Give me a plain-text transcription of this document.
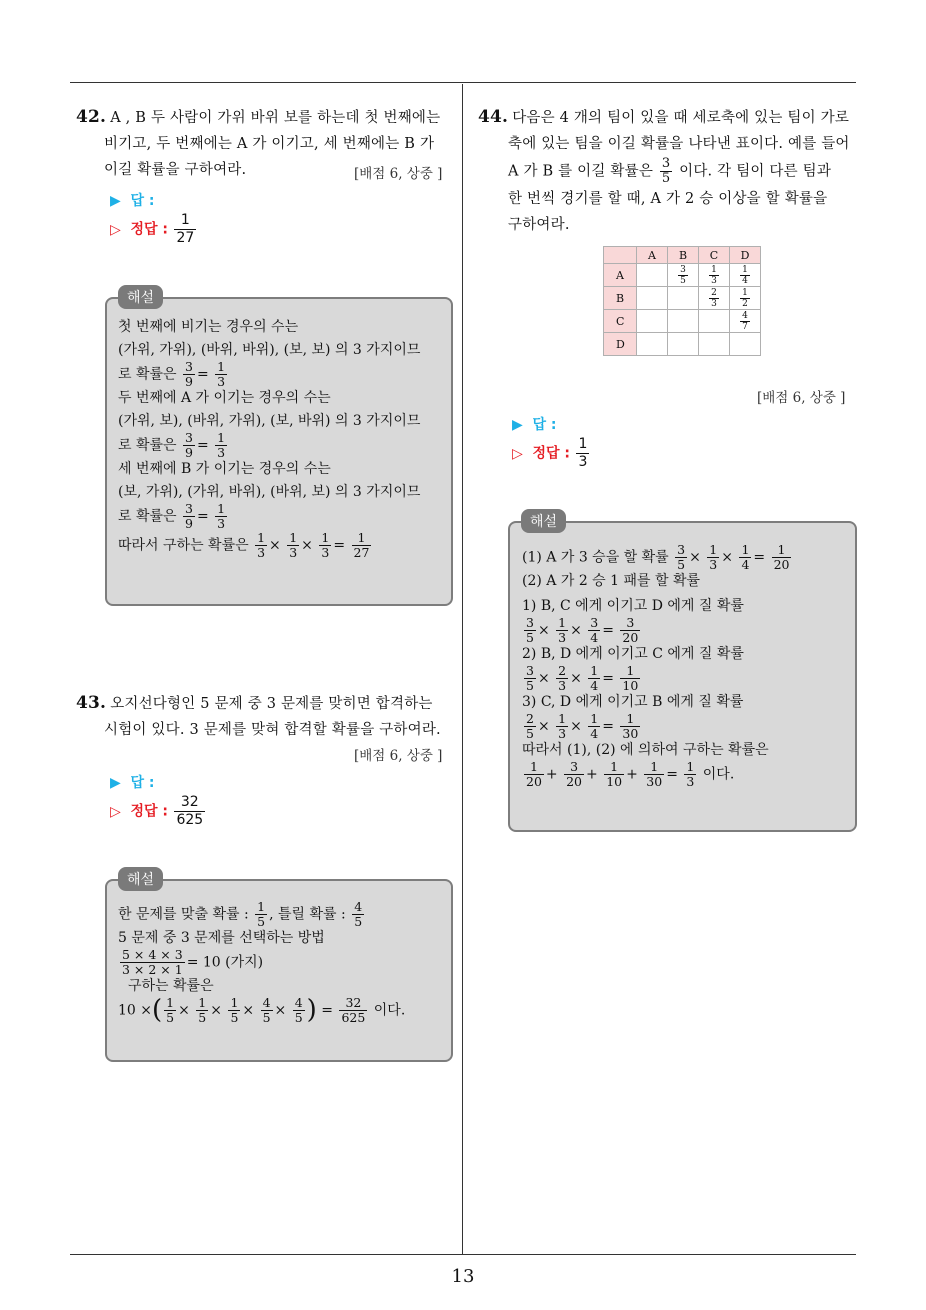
13
42. A , B 두 사람이 가위 바위 보를 하는데 첫 번째에는
비기고, 두 번째에는 A 가 이기고, 세 번째에는 B 가
이길 확률을 구하여라.	[배점 6, 상중 ]
▶ 답 :
▷ 정답 : $\frac{1}{27}$
해설
첫 번째에 비기는 경우의 수는
(가위, 가위), (바위, 바위), (보, 보) 의 3 가지이므
로 확률은 $\frac{3}{9} = \frac{1}{3}$
두 번째에 A 가 이기는 경우의 수는
(가위, 보), (바위, 가위), (보, 바위) 의 3 가지이므
로 확률은 $\frac{3}{9} = \frac{1}{3}$
세 번째에 B 가 이기는 경우의 수는
(보, 가위), (가위, 바위), (바위, 보) 의 3 가지이므
로 확률은 $\frac{3}{9} = \frac{1}{3}$
따라서 구하는 확률은 $\frac{1}{3} \times \frac{1}{3} \times \frac{1}{3} = \frac{1}{27}$
43. 오지선다형인 5 문제 중 3 문제를 맞히면 합격하는
시험이 있다. 3 문제를 맞혀 합격할 확률을 구하여라.
[배점 6, 상중 ]
▶ 답 :
▷ 정답 : $\frac{32}{625}$
해설
한 문제를 맞출 확률 : $\frac{1}{5}$ , 틀릴 확률 : $\frac{4}{5}$
5 문제 중 3 문제를 선택하는 방법
$\frac{5 \times 4 \times 3}{3 \times 2 \times 1} = 10$ (가지)
구하는 확률은
10 ×( $\frac{1}{5} \times \frac{1}{5} \times \frac{1}{5} \times \frac{4}{5} \times \frac{4}{5}$ ) = $\frac{32}{625}$ 이다.
44. 다음은 4 개의 팀이 있을 때 세로축에 있는 팀이 가로
축에 있는 팀을 이길 확률을 나타낸 표이다. 예를 들어
A 가 B 를 이길 확률은 $\frac{3}{5}$ 이다. 각 팀이 다른 팀과
한 번씩 경기를 할 때, A 가 2 승 이상을 할 확률을
구하여라.
	A	B	C	D
A		$\frac{3}{5}$	$\frac{1}{3}$	$\frac{1}{4}$

B			$\frac{2}{3}$	$\frac{1}{2}$

C				$\frac{4}{7}$

D				
[배점 6, 상중 ]
▶ 답 :
▷ 정답 : $\frac{1}{3}$
해설
(1) A 가 3 승을 할 확률 $\frac{3}{5} \times \frac{1}{3} \times \frac{1}{4} = \frac{1}{20}$
(2) A 가 2 승 1 패를 할 확률
1) B, C 에게 이기고 D 에게 질 확률
$\frac{3}{5} \times \frac{1}{3} \times \frac{3}{4} = \frac{3}{20}$
2) B, D 에게 이기고 C 에게 질 확률
$\frac{3}{5} \times \frac{2}{3} \times \frac{1}{4} = \frac{1}{10}$
3) C, D 에게 이기고 B 에게 질 확률
$\frac{2}{5} \times \frac{1}{3} \times \frac{1}{4} = \frac{1}{30}$
따라서 (1), (2) 에 의하여 구하는 확률은
$\frac{1}{20} + \frac{3}{20} + \frac{1}{10} + \frac{1}{30} = \frac{1}{3}$ 이다.
